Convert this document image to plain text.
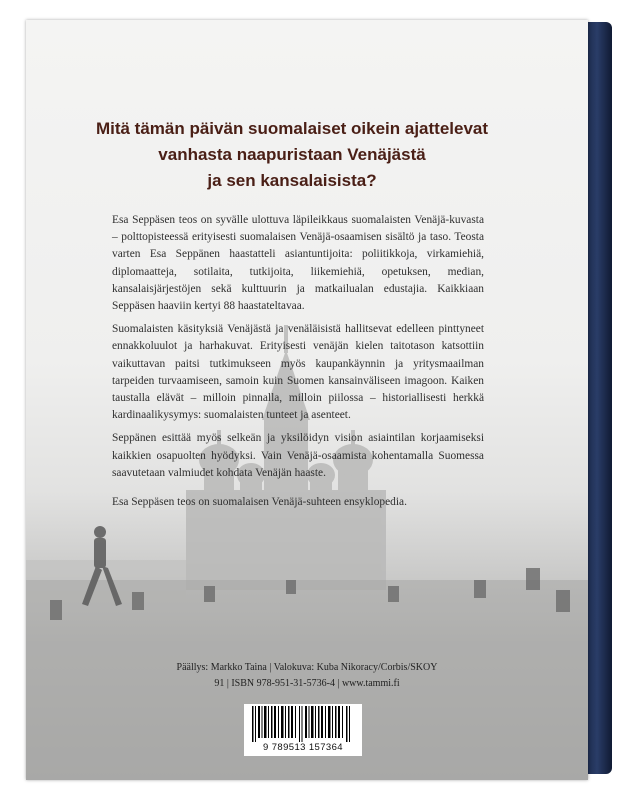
Mitä tämän päivän suomalaiset oikein ajattelevat
vanhasta naapuristaan Venäjästä
ja sen kansalaisista?

Esa Seppäsen teos on syvälle ulottuva läpileikkaus suomalaisten Venäjä-kuvasta – polttopisteessä erityisesti suomalaisen Venäjä-osaamisen sisältö ja taso. Teosta varten Esa Seppänen haastatteli asiantuntijoita: poliitikkoja, virkamiehiä, diplomaatteja, sotilaita, tutkijoita, liikemiehiä, opetuksen, median, kansalaisjärjestöjen sekä kulttuurin ja matkailualan edustajia. Kaikkiaan Seppäsen haaviin kertyi 88 haastateltavaa.

Suomalaisten käsityksiä Venäjästä ja venäläisistä hallitsevat edelleen pinttyneet ennakkoluulot ja harhakuvat. Erityisesti venäjän kielen taitotason katsottiin vaikuttavan paitsi tutkimukseen myös kaupankäynnin ja yritysmaailman tarpeiden turvaamiseen, samoin kuin Suomen kansainväliseen imagoon. Kaiken taustalla elävät – milloin pinnalla, milloin piilossa – historiallisesti herkkä kardinaalikysymys: suomalaisten tunteet ja asenteet.

Seppänen esittää myös selkeän ja yksilöidyn vision asiaintilan korjaamiseksi kaikkien osapuolten hyödyksi. Vain Venäjä-osaamista kohentamalla Suomessa saavutetaan valmiudet kohdata Venäjän haaste.

Esa Seppäsen teos on suomalaisen Venäjä-suhteen ensyklopedia.

Päällys: Markko Taina | Valokuva: Kuba Nikoracy/Corbis/SKOY
91 | ISBN 978-951-31-5736-4 | www.tammi.fi
9 789513 157364
